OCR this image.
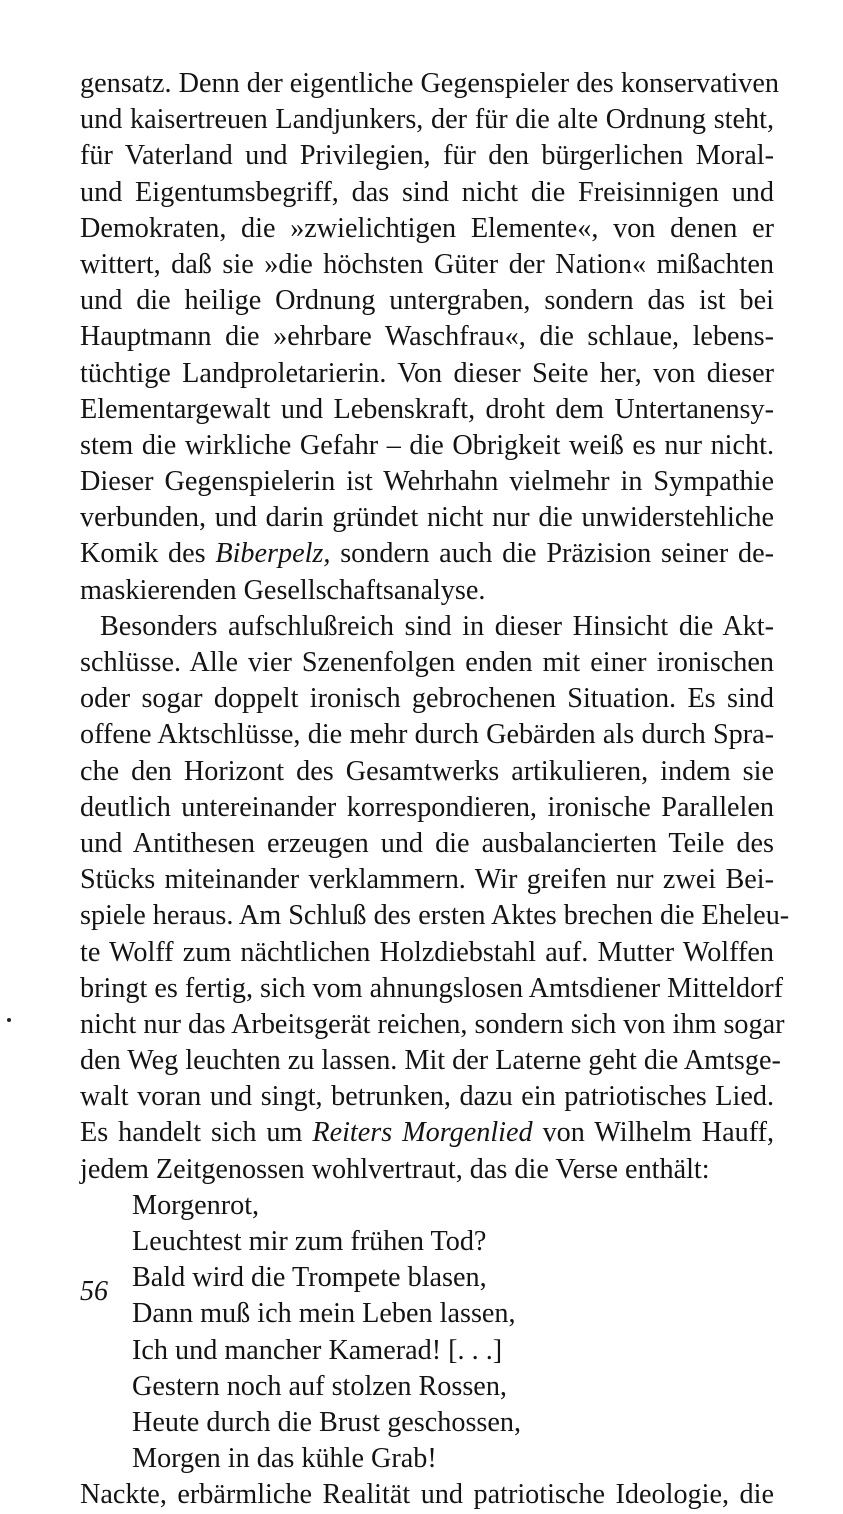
gensatz. Denn der eigentliche Gegenspieler des konservativen
und kaisertreuen Landjunkers, der für die alte Ordnung steht,
für Vaterland und Privilegien, für den bürgerlichen Moral-
und Eigentumsbegriff, das sind nicht die Freisinnigen und
Demokraten, die »zwielichtigen Elemente«, von denen er
wittert, daß sie »die höchsten Güter der Nation« mißachten
und die heilige Ordnung untergraben, sondern das ist bei
Hauptmann die »ehrbare Waschfrau«, die schlaue, lebens-
tüchtige Landproletarierin. Von dieser Seite her, von dieser
Elementargewalt und Lebenskraft, droht dem Untertanensy-
stem die wirkliche Gefahr – die Obrigkeit weiß es nur nicht.
Dieser Gegenspielerin ist Wehrhahn vielmehr in Sympathie
verbunden, und darin gründet nicht nur die unwiderstehliche
Komik des Biberpelz, sondern auch die Präzision seiner de-
maskierenden Gesellschaftsanalyse.
Besonders aufschlußreich sind in dieser Hinsicht die Akt-
schlüsse. Alle vier Szenenfolgen enden mit einer ironischen
oder sogar doppelt ironisch gebrochenen Situation. Es sind
offene Aktschlüsse, die mehr durch Gebärden als durch Spra-
che den Horizont des Gesamtwerks artikulieren, indem sie
deutlich untereinander korrespondieren, ironische Parallelen
und Antithesen erzeugen und die ausbalancierten Teile des
Stücks miteinander verklammern. Wir greifen nur zwei Bei-
spiele heraus. Am Schluß des ersten Aktes brechen die Eheleu-
te Wolff zum nächtlichen Holzdiebstahl auf. Mutter Wolffen
bringt es fertig, sich vom ahnungslosen Amtsdiener Mitteldorf
nicht nur das Arbeitsgerät reichen, sondern sich von ihm sogar
den Weg leuchten zu lassen. Mit der Laterne geht die Amtsge-
walt voran und singt, betrunken, dazu ein patriotisches Lied.
Es handelt sich um Reiters Morgenlied von Wilhelm Hauff,
jedem Zeitgenossen wohlvertraut, das die Verse enthält:
Morgenrot,
Leuchtest mir zum frühen Tod?
Bald wird die Trompete blasen,
Dann muß ich mein Leben lassen,
Ich und mancher Kamerad! [. . .]
Gestern noch auf stolzen Rossen,
Heute durch die Brust geschossen,
Morgen in das kühle Grab!
Nackte, erbärmliche Realität und patriotische Ideologie, die
56
